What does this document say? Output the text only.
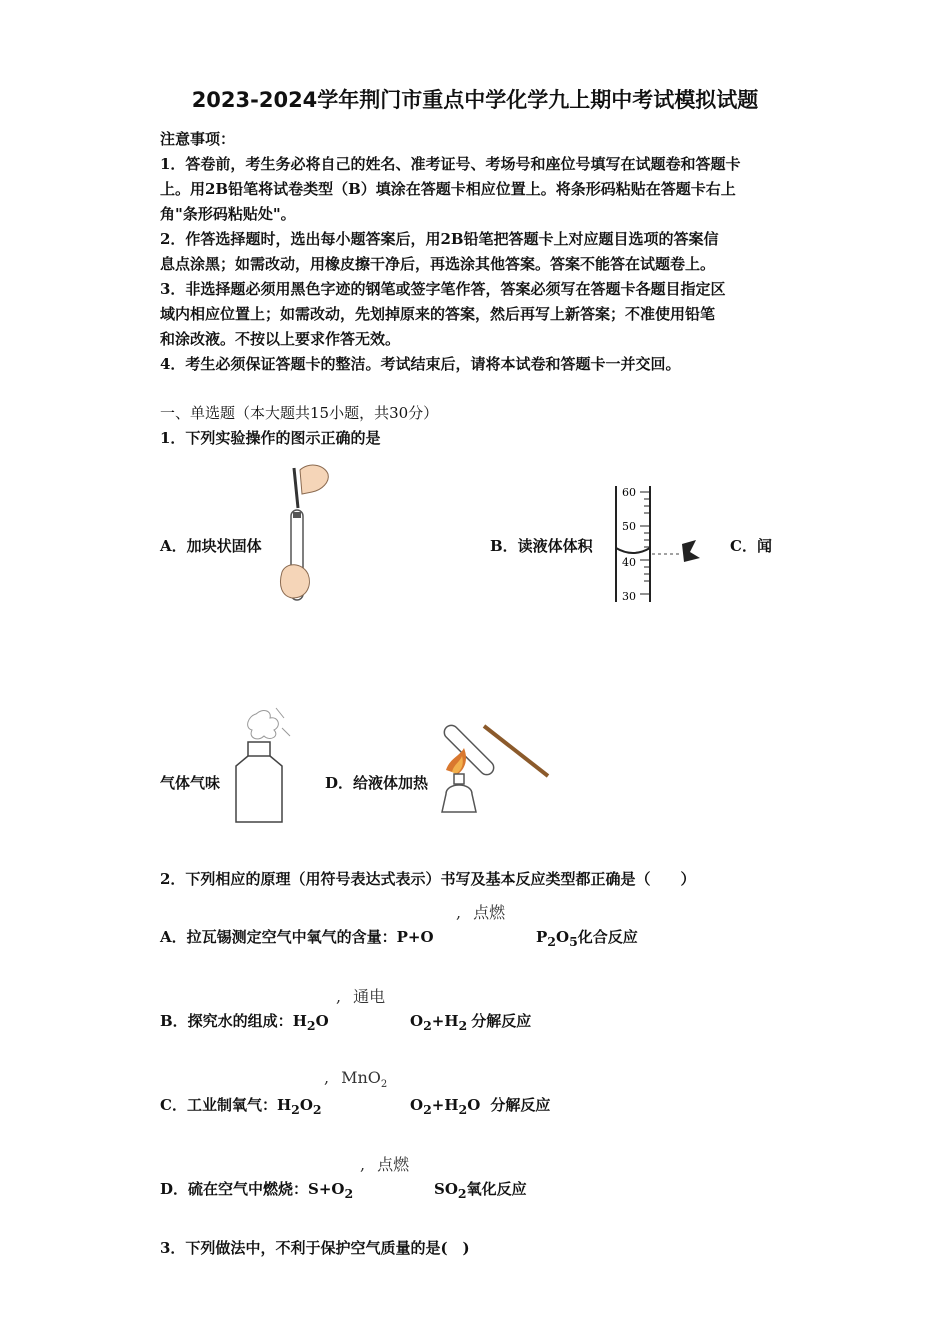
2023-2024学年荆门市重点中学化学九上期中考试模拟试题
注意事项：
1．答卷前，考生务必将自己的姓名、准考证号、考场号和座位号填写在试题卷和答题卡
上。用2B铅笔将试卷类型（B）填涂在答题卡相应位置上。将条形码粘贴在答题卡右上
角"条形码粘贴处"。
2．作答选择题时，选出每小题答案后，用2B铅笔把答题卡上对应题目选项的答案信
息点涂黑；如需改动，用橡皮擦干净后，再选涂其他答案。答案不能答在试题卷上。
3．非选择题必须用黑色字迹的钢笔或签字笔作答，答案必须写在答题卡各题目指定区
域内相应位置上；如需改动，先划掉原来的答案，然后再写上新答案；不准使用铅笔
和涂改液。不按以上要求作答无效。
4．考生必须保证答题卡的整洁。考试结束后，请将本试卷和答题卡一并交回。
一、单选题（本大题共15小题，共30分）
1．下列实验操作的图示正确的是
A．加块状固体	B．读液体体积	C．闻
气体气味	D．给液体加热
60
50
40
30
2．下列相应的原理（用符号表达式表示）书写及基本反应类型都正确是（　　）
, 点燃
A．拉瓦锡测定空气中氧气的含量：P+O	$P_2O_5$化合反应
, 通电
B．探究水的组成：$H_2O$	$O_2+H_2$ 分解反应
, MnO$_2$
C．工业制氧气：$H_2O_2$	$O_2+H_2O$ 分解反应
, 点燃
D．硫在空气中燃烧：$S+O_2$	$SO_2$氧化反应
3．下列做法中，不利于保护空气质量的是(　)
